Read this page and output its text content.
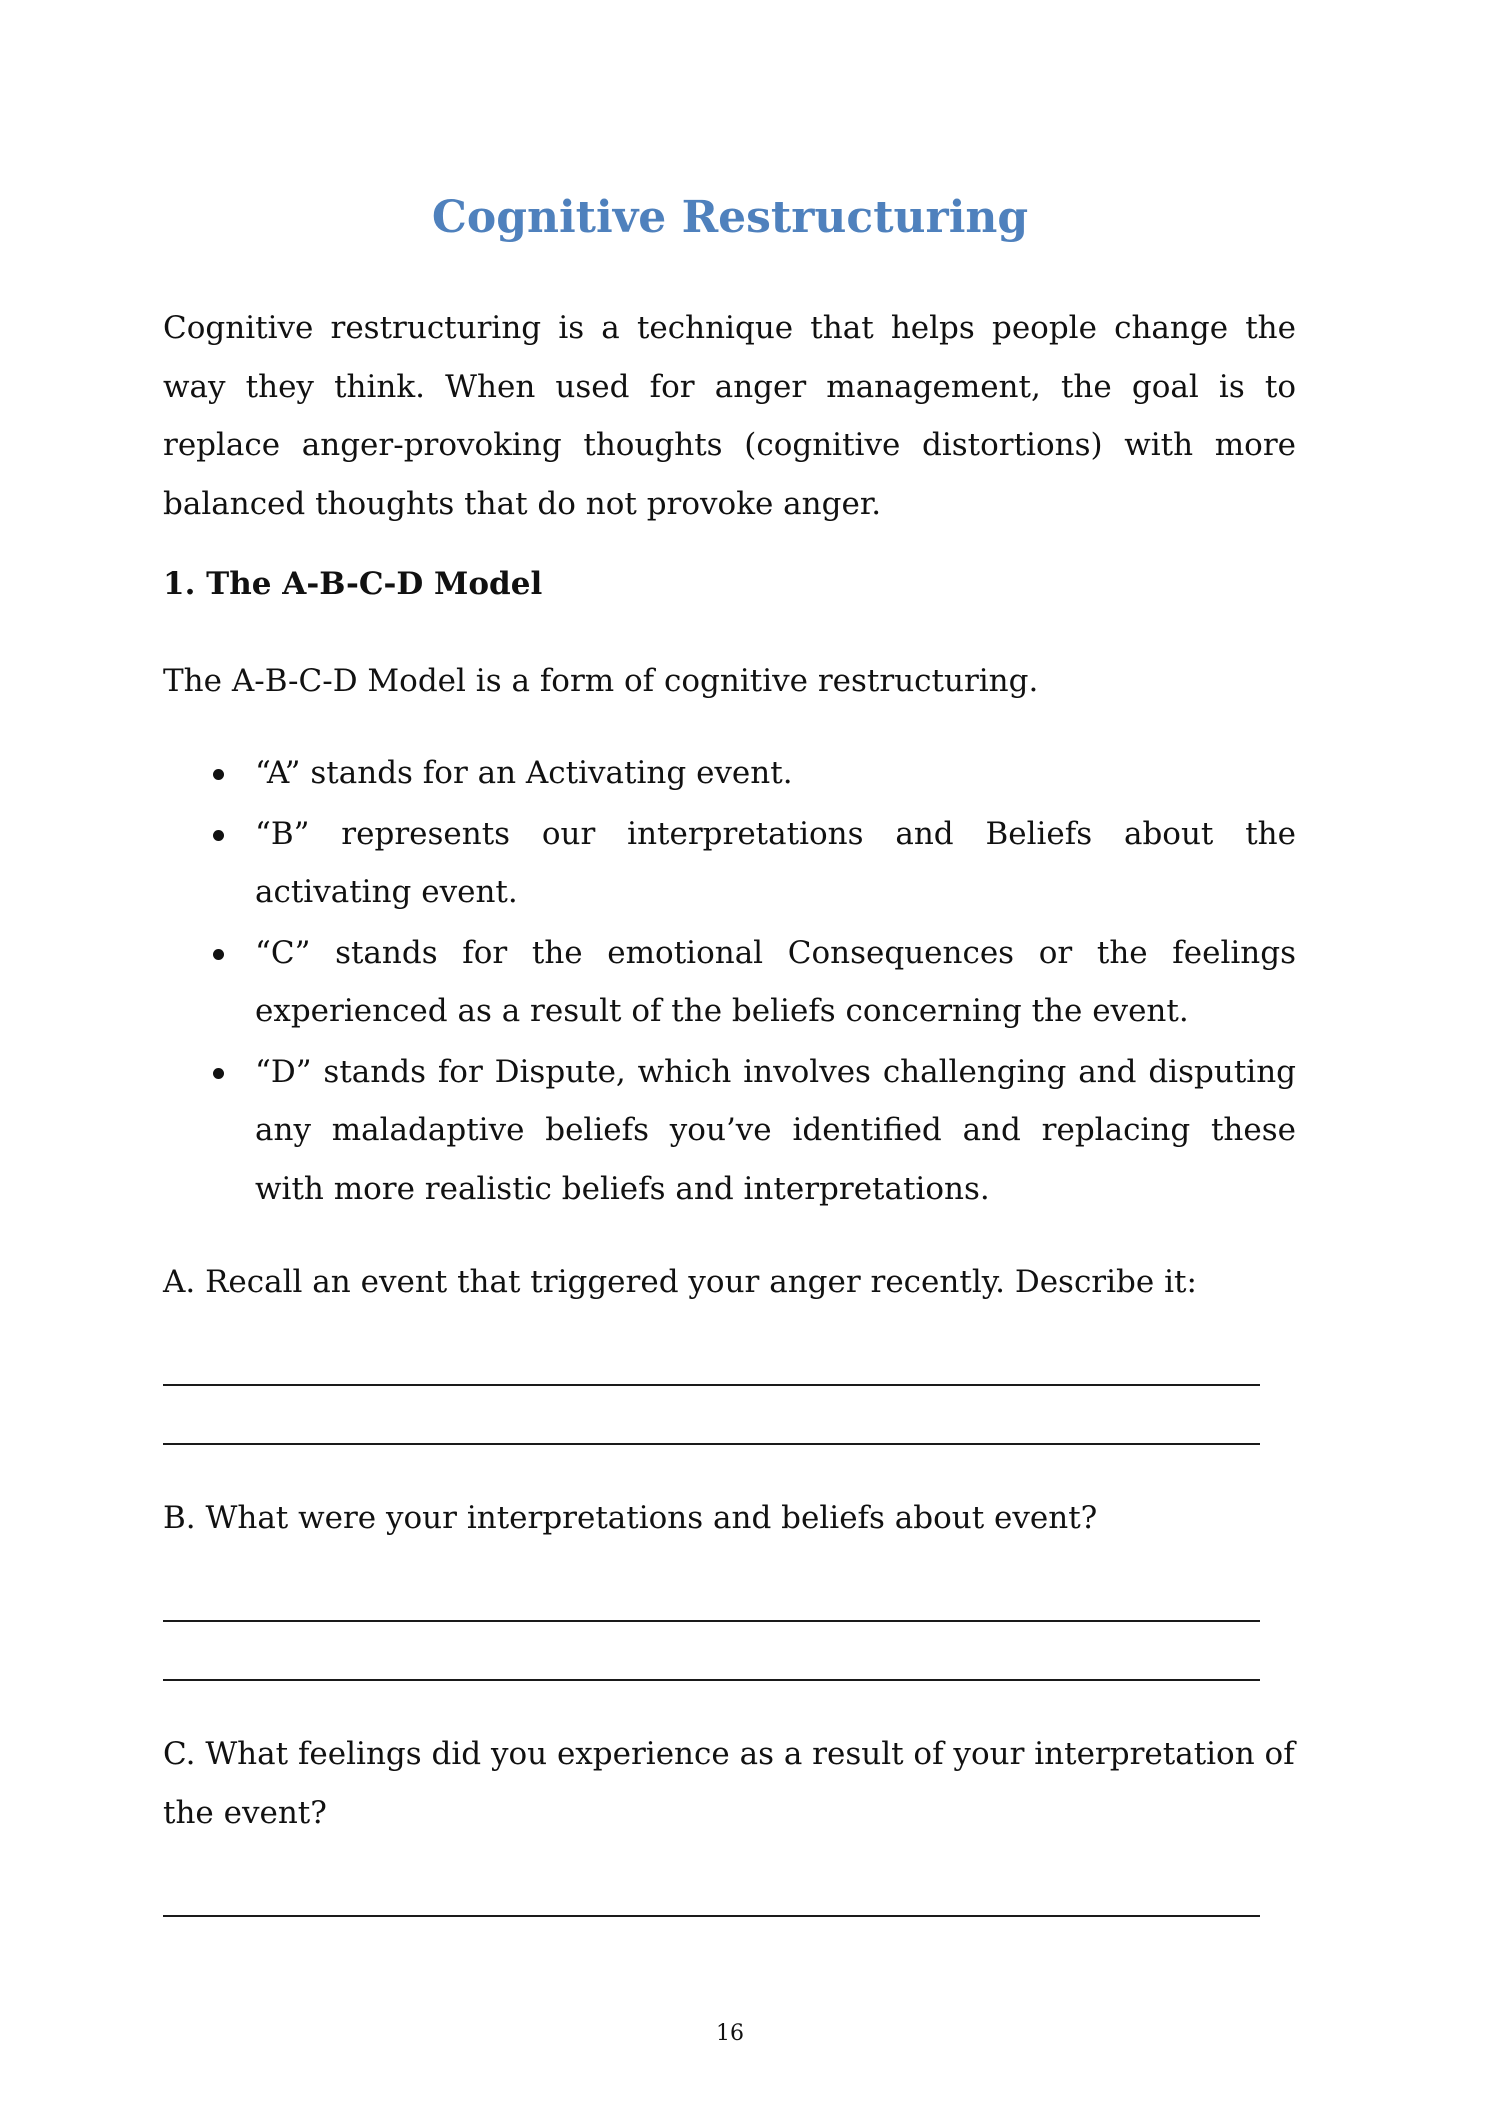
Cognitive Restructuring

Cognitive restructuring is a technique that helps people change the way they think. When used for anger management, the goal is to replace anger-provoking thoughts (cognitive distortions) with more balanced thoughts that do not provoke anger.

1. The A-B-C-D Model

The A-B-C-D Model is a form of cognitive restructuring.

“A” stands for an Activating event.
“B” represents our interpretations and Beliefs about the activating event.
“C” stands for the emotional Consequences or the feelings experienced as a result of the beliefs concerning the event.
“D” stands for Dispute, which involves challenging and disputing any maladaptive beliefs you’ve identified and replacing these with more realistic beliefs and interpretations.

A. Recall an event that triggered your anger recently. Describe it:

B. What were your interpretations and beliefs about event?

C. What feelings did you experience as a result of your interpretation of the event?

16
